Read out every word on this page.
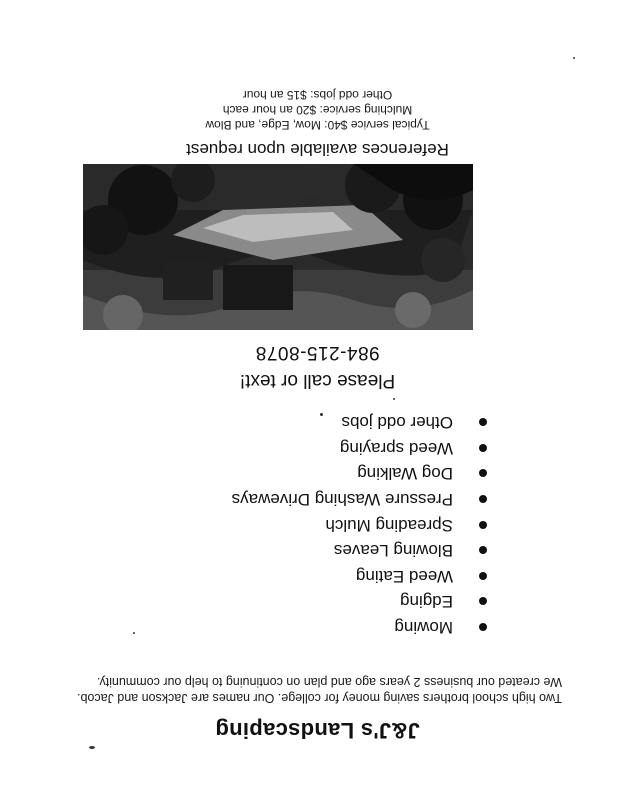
J&J's Landscaping
Two high school brothers saving money for college. Our names are Jackson and Jacob.
We created our business 2 years ago and plan on continuing to help our community.
Mowing
Edging
Weed Eating
Blowing Leaves
Spreading Mulch
Pressure Washing Driveways
Dog Walking
Weed spraying
Other odd jobs
Please call or text!
984-215-8078
References available upon request
Typical service $40: Mow, Edge, and Blow
Mulching service: $20 an hour each
Other odd jobs: $15 an hour
